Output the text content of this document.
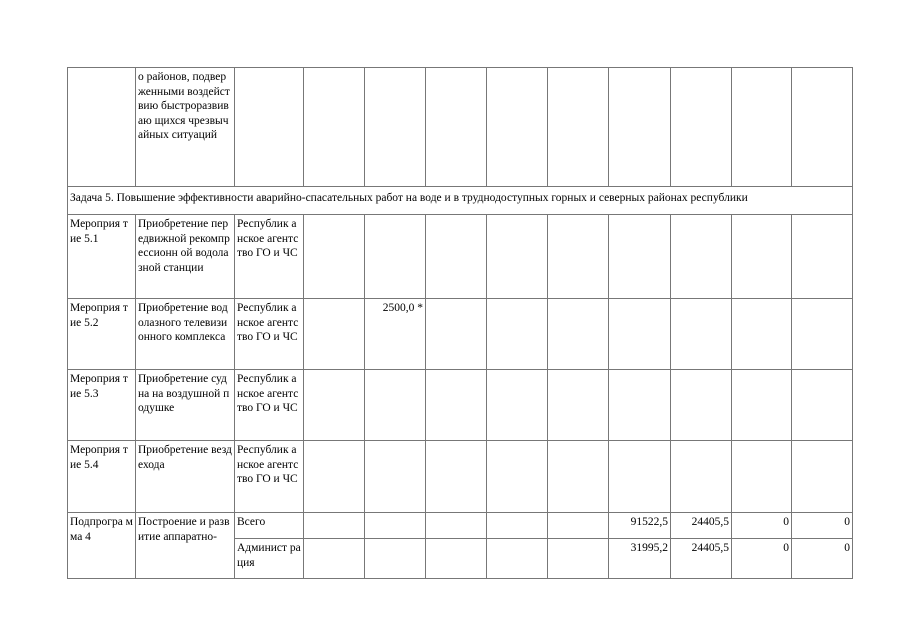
	о районов, подверженными воздействию быстроразвиваю щихся чрезвычайных ситуаций										
Задача 5. Повышение эффективности аварийно-спасательных работ на воде и в труднодоступных горных и северных районах республики											
Мероприя тие 5.1	Приобретение передвижной рекомпрессионн ой водолазной станции	Республик анское агентство ГО и ЧС									
Мероприя тие 5.2	Приобретение водолазного телевизионного комплекса	Республик анское агентство ГО и ЧС		2500,0 *							
Мероприя тие 5.3	Приобретение судна на воздушной подушке	Республик анское агентство ГО и ЧС									
Мероприя тие 5.4	Приобретение вездехода	Республик анское агентство ГО и ЧС									
Подпрогра мма 4	Построение и развитие аппаратно-	Всего						91522,5	24405,5	0	0
		Админист рация						31995,2	24405,5	0	0
